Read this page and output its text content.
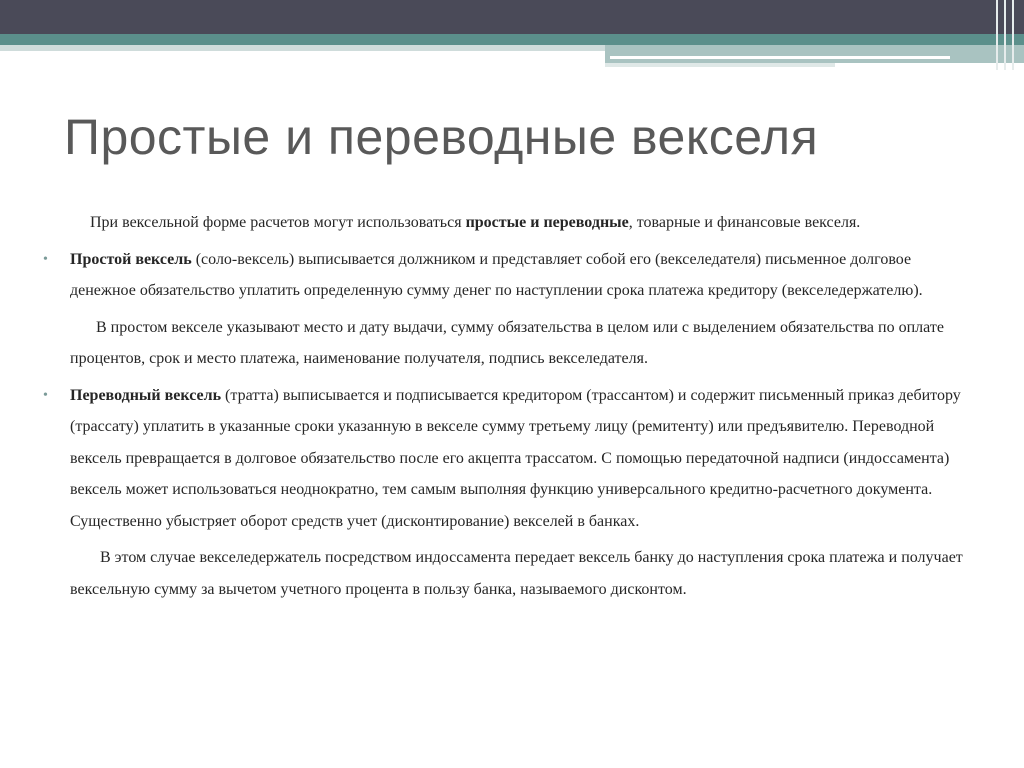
Простые и переводные векселя

При вексельной форме расчетов могут использоваться простые и переводные, товарные и финансовые векселя.

• Простой вексель (соло-вексель) выписывается должником и представляет собой его (векселедателя) письменное долговое денежное обязательство уплатить определенную сумму денег по наступлении срока платежа кредитору (векселедержателю).

В простом векселе указывают место и дату выдачи, сумму обязательства в целом или с выделением обязательства по оплате процентов, срок и место платежа, наименование получателя, подпись векселедателя.

• Переводный вексель (тратта) выписывается и подписывается кредитором (трассантом) и содержит письменный приказ дебитору (трассату) уплатить в указанные сроки указанную в векселе сумму третьему лицу (ремитенту) или предъявителю. Переводной вексель превращается в долговое обязательство после его акцепта трассатом. С помощью передаточной надписи (индоссамента) вексель может использоваться неоднократно, тем самым выполняя функцию универсального кредитно-расчетного документа. Существенно убыстряет оборот средств учет (дисконтирование) векселей в банках.

В этом случае векселедержатель посредством индоссамента передает вексель банку до наступления срока платежа и получает вексельную сумму за вычетом учетного процента в пользу банка, называемого дисконтом.
